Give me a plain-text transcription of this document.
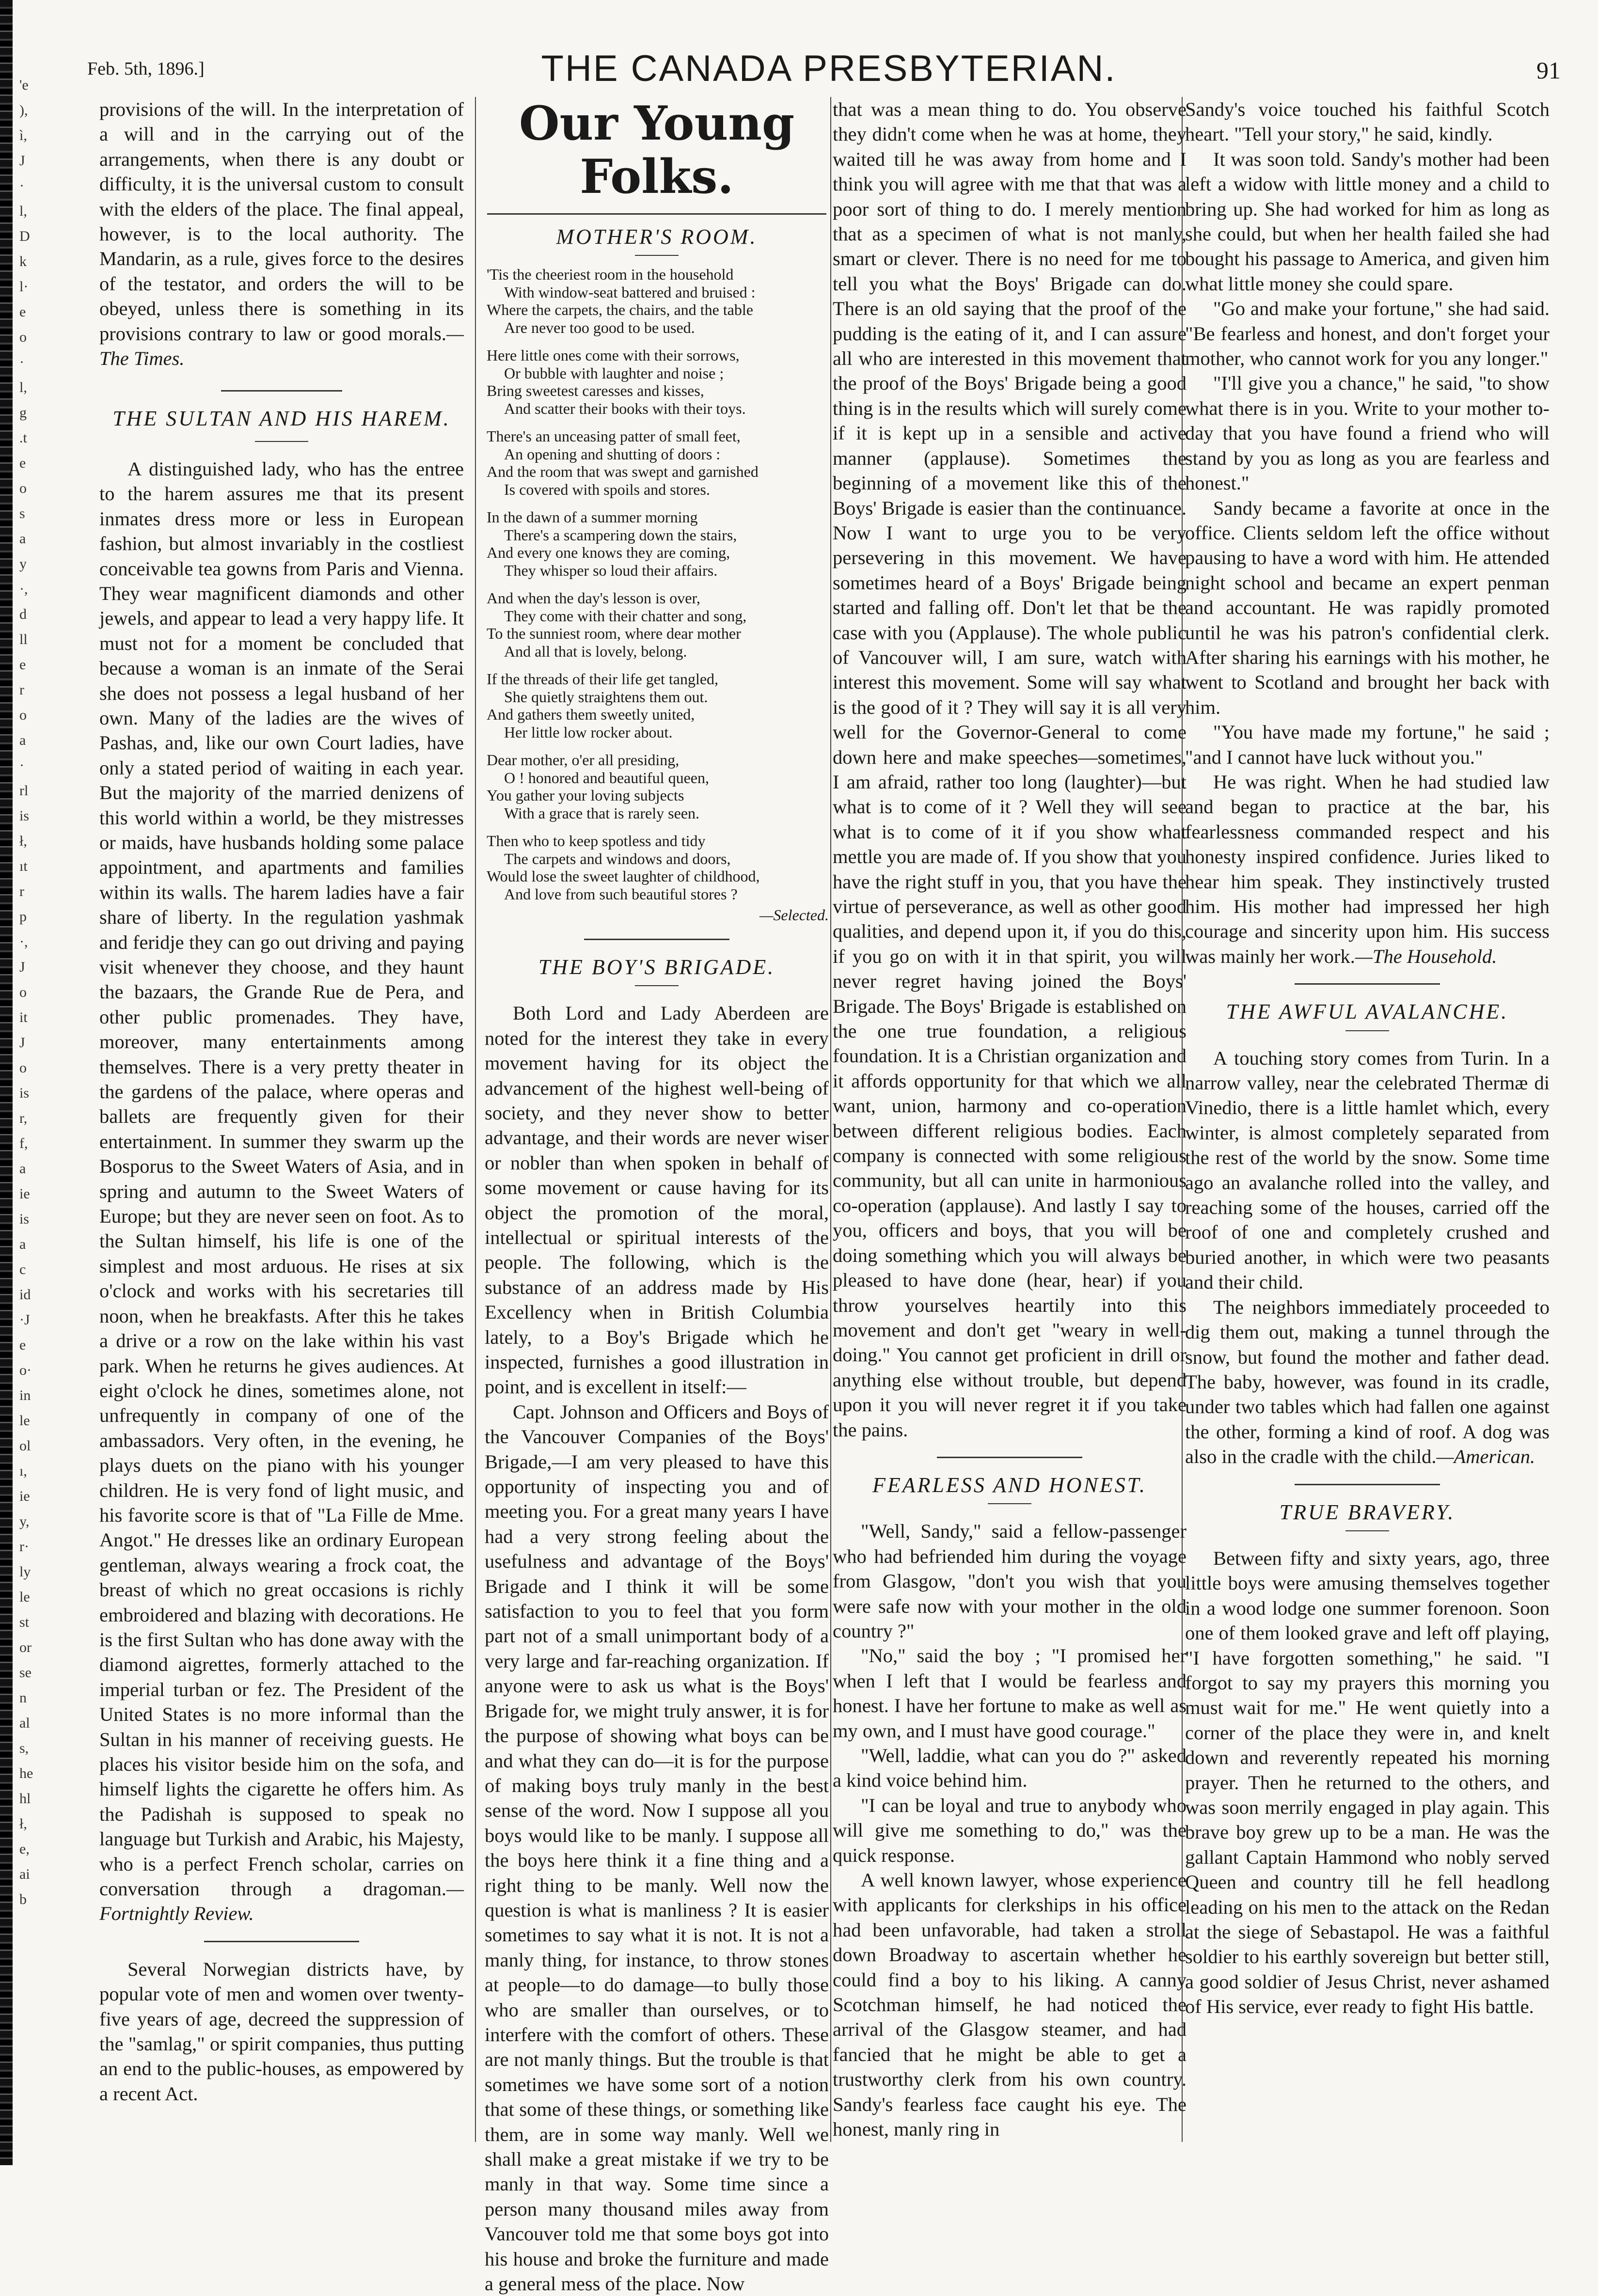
'e
),
ì,
J
·
l,
D
k
l·
e
o
·
l,
g
.t
e
o
s
a
y
·,
d
ll
e
r
o
a
·
rl
is
ł,
ıt
r
p
·,
J
o
it
J
o
is
r,
f,
a
ie
is
a
c
id
·J
e
o·
in
le
ol
ı,
ie
y,
r·
ly
le
st
or
se
n
al
s,
he
hl
ł,
e,
ai
b
Feb. 5th, 1896.]	THE CANADA PRESBYTERIAN.	91

provisions of the will. In the interpretation of a will and in the carrying out of the arrangements, when there is any doubt or difficulty, it is the universal custom to consult with the elders of the place. The final appeal, however, is to the local authority. The Mandarin, as a rule, gives force to the desires of the testator, and orders the will to be obeyed, unless there is something in its provisions contrary to law or good morals.—The Times.

THE SULTAN AND HIS HAREM.

A distinguished lady, who has the entree to the harem assures me that its present inmates dress more or less in European fashion, but almost invariably in the costliest conceivable tea gowns from Paris and Vienna. They wear magnificent diamonds and other jewels, and appear to lead a very happy life. It must not for a moment be concluded that because a woman is an inmate of the Serai she does not possess a legal husband of her own. Many of the ladies are the wives of Pashas, and, like our own Court ladies, have only a stated period of waiting in each year. But the majority of the married denizens of this world within a world, be they mistresses or maids, have husbands holding some palace appointment, and apartments and families within its walls. The harem ladies have a fair share of liberty. In the regulation yashmak and feridje they can go out driving and paying visit whenever they choose, and they haunt the bazaars, the Grande Rue de Pera, and other public promenades. They have, moreover, many entertainments among themselves. There is a very pretty theater in the gardens of the palace, where operas and ballets are frequently given for their entertainment. In summer they swarm up the Bosporus to the Sweet Waters of Asia, and in spring and autumn to the Sweet Waters of Europe; but they are never seen on foot. As to the Sultan himself, his life is one of the simplest and most arduous. He rises at six o'clock and works with his secretaries till noon, when he breakfasts. After this he takes a drive or a row on the lake within his vast park. When he returns he gives audiences. At eight o'clock he dines, sometimes alone, not unfrequently in company of one of the ambassadors. Very often, in the evening, he plays duets on the piano with his younger children. He is very fond of light music, and his favorite score is that of "La Fille de Mme. Angot." He dresses like an ordinary European gentleman, always wearing a frock coat, the breast of which no great occasions is richly embroidered and blazing with decorations. He is the first Sultan who has done away with the diamond aigrettes, formerly attached to the imperial turban or fez. The President of the United States is no more informal than the Sultan in his manner of receiving guests. He places his visitor beside him on the sofa, and himself lights the cigarette he offers him. As the Padishah is supposed to speak no language but Turkish and Arabic, his Majesty, who is a perfect French scholar, carries on conversation through a dragoman.—Fortnightly Review.

Several Norwegian districts have, by popular vote of men and women over twenty-five years of age, decreed the suppression of the "samlag," or spirit companies, thus putting an end to the public-houses, as empowered by a recent Act.

Our Young Folks.

MOTHER'S ROOM.

'Tis the cheeriest room in the household
With window-seat battered and bruised :
Where the carpets, the chairs, and the table
Are never too good to be used.
Here little ones come with their sorrows,
Or bubble with laughter and noise ;
Bring sweetest caresses and kisses,
And scatter their books with their toys.
There's an unceasing patter of small feet,
An opening and shutting of doors :
And the room that was swept and garnished
Is covered with spoils and stores.
In the dawn of a summer morning
There's a scampering down the stairs,
And every one knows they are coming,
They whisper so loud their affairs.
And when the day's lesson is over,
They come with their chatter and song,
To the sunniest room, where dear mother
And all that is lovely, belong.
If the threads of their life get tangled,
She quietly straightens them out.
And gathers them sweetly united,
Her little low rocker about.
Dear mother, o'er all presiding,
O ! honored and beautiful queen,
You gather your loving subjects
With a grace that is rarely seen.
Then who to keep spotless and tidy
The carpets and windows and doors,
Would lose the sweet laughter of childhood,
And love from such beautiful stores ?

—Selected.

THE BOY'S BRIGADE.

Both Lord and Lady Aberdeen are noted for the interest they take in every movement having for its object the advancement of the highest well-being of society, and they never show to better advantage, and their words are never wiser or nobler than when spoken in behalf of some movement or cause having for its object the promotion of the moral, intellectual or spiritual interests of the people. The following, which is the substance of an address made by His Excellency when in British Columbia lately, to a Boy's Brigade which he inspected, furnishes a good illustration in point, and is excellent in itself:—

Capt. Johnson and Officers and Boys of the Vancouver Companies of the Boys' Brigade,—I am very pleased to have this opportunity of inspecting you and of meeting you. For a great many years I have had a very strong feeling about the usefulness and advantage of the Boys' Brigade and I think it will be some satisfaction to you to feel that you form part not of a small unimportant body of a very large and far-reaching organization. If anyone were to ask us what is the Boys' Brigade for, we might truly answer, it is for the purpose of showing what boys can be and what they can do—it is for the purpose of making boys truly manly in the best sense of the word. Now I suppose all you boys would like to be manly. I suppose all the boys here think it a fine thing and a right thing to be manly. Well now the question is what is manliness ? It is easier sometimes to say what it is not. It is not a manly thing, for instance, to throw stones at people—to do damage—to bully those who are smaller than ourselves, or to interfere with the comfort of others. These are not manly things. But the trouble is that sometimes we have some sort of a notion that some of these things, or something like them, are in some way manly. Well we shall make a great mistake if we try to be manly in that way. Some time since a person many thousand miles away from Vancouver told me that some boys got into his house and broke the furniture and made a general mess of the place. Now

that was a mean thing to do. You observe they didn't come when he was at home, they waited till he was away from home and I think you will agree with me that that was a poor sort of thing to do. I merely mention that as a specimen of what is not manly, smart or clever. There is no need for me to tell you what the Boys' Brigade can do. There is an old saying that the proof of the pudding is the eating of it, and I can assure all who are interested in this movement that the proof of the Boys' Brigade being a good thing is in the results which will surely come if it is kept up in a sensible and active manner (applause). Sometimes the beginning of a movement like this of the Boys' Brigade is easier than the continuance. Now I want to urge you to be very persevering in this movement. We have sometimes heard of a Boys' Brigade being started and falling off. Don't let that be the case with you (Applause). The whole public of Vancouver will, I am sure, watch with interest this movement. Some will say what is the good of it ? They will say it is all very well for the Governor-General to come down here and make speeches—sometimes, I am afraid, rather too long (laughter)—but what is to come of it ? Well they will see what is to come of it if you show what mettle you are made of. If you show that you have the right stuff in you, that you have the virtue of perseverance, as well as other good qualities, and depend upon it, if you do this, if you go on with it in that spirit, you will never regret having joined the Boys' Brigade. The Boys' Brigade is established on the one true foundation, a religious foundation. It is a Christian organization and it affords opportunity for that which we all want, union, harmony and co-operation between different religious bodies. Each company is connected with some religious community, but all can unite in harmonious co-operation (applause). And lastly I say to you, officers and boys, that you will be doing something which you will always be pleased to have done (hear, hear) if you throw yourselves heartily into this movement and don't get "weary in well-doing." You cannot get proficient in drill or anything else without trouble, but depend upon it you will never regret it if you take the pains.

FEARLESS AND HONEST.

"Well, Sandy," said a fellow-passenger who had befriended him during the voyage from Glasgow, "don't you wish that you were safe now with your mother in the old country ?"

"No," said the boy ; "I promised her when I left that I would be fearless and honest. I have her fortune to make as well as my own, and I must have good courage."

"Well, laddie, what can you do ?" asked a kind voice behind him.

"I can be loyal and true to anybody who will give me something to do," was the quick response.

A well known lawyer, whose experience with applicants for clerkships in his office had been unfavorable, had taken a stroll down Broadway to ascertain whether he could find a boy to his liking. A canny Scotchman himself, he had noticed the arrival of the Glasgow steamer, and had fancied that he might be able to get a trustworthy clerk from his own country. Sandy's fearless face caught his eye. The honest, manly ring in

Sandy's voice touched his faithful Scotch heart. "Tell your story," he said, kindly.

It was soon told. Sandy's mother had been left a widow with little money and a child to bring up. She had worked for him as long as she could, but when her health failed she had bought his passage to America, and given him what little money she could spare.

"Go and make your fortune," she had said. "Be fearless and honest, and don't forget your mother, who cannot work for you any longer."

"I'll give you a chance," he said, "to show what there is in you. Write to your mother to-day that you have found a friend who will stand by you as long as you are fearless and honest."

Sandy became a favorite at once in the office. Clients seldom left the office without pausing to have a word with him. He attended night school and became an expert penman and accountant. He was rapidly promoted until he was his patron's confidential clerk. After sharing his earnings with his mother, he went to Scotland and brought her back with him.

"You have made my fortune," he said ; "and I cannot have luck without you."

He was right. When he had studied law and began to practice at the bar, his fearlessness commanded respect and his honesty inspired confidence. Juries liked to hear him speak. They instinctively trusted him. His mother had impressed her high courage and sincerity upon him. His success was mainly her work.—The Household.

THE AWFUL AVALANCHE.

A touching story comes from Turin. In a narrow valley, near the celebrated Thermæ di Vinedio, there is a little hamlet which, every winter, is almost completely separated from the rest of the world by the snow. Some time ago an avalanche rolled into the valley, and reaching some of the houses, carried off the roof of one and completely crushed and buried another, in which were two peasants and their child.

The neighbors immediately proceeded to dig them out, making a tunnel through the snow, but found the mother and father dead. The baby, however, was found in its cradle, under two tables which had fallen one against the other, forming a kind of roof. A dog was also in the cradle with the child.—American.

TRUE BRAVERY.

Between fifty and sixty years, ago, three little boys were amusing themselves together in a wood lodge one summer forenoon. Soon one of them looked grave and left off playing, "I have forgotten something," he said. "I forgot to say my prayers this morning you must wait for me." He went quietly into a corner of the place they were in, and knelt down and reverently repeated his morning prayer. Then he returned to the others, and was soon merrily engaged in play again. This brave boy grew up to be a man. He was the gallant Captain Hammond who nobly served Queen and country till he fell headlong leading on his men to the attack on the Redan at the siege of Sebastapol. He was a faithful soldier to his earthly sovereign but better still, a good soldier of Jesus Christ, never ashamed of His service, ever ready to fight His battle.
